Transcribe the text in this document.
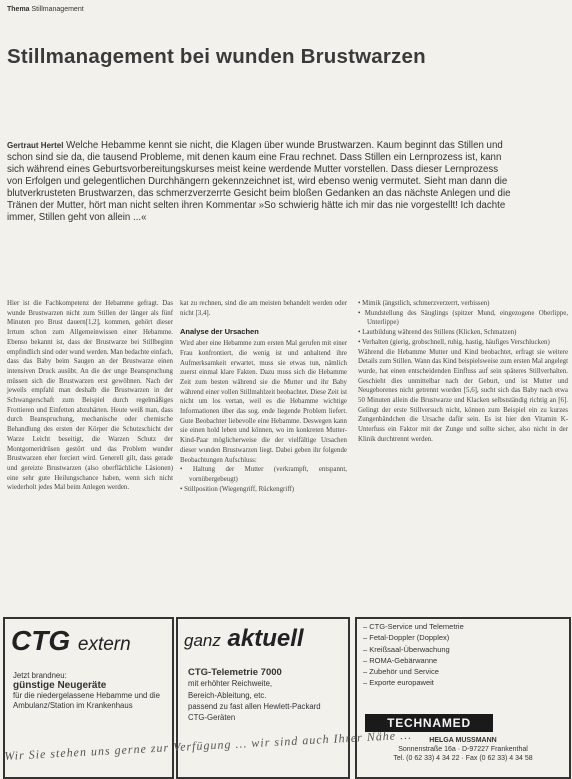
Thema Stillmanagement
Stillmanagement bei wunden Brustwarzen
Gertraut Hertel Welche Hebamme kennt sie nicht, die Klagen über wunde Brustwarzen. Kaum beginnt das Stillen und schon sind sie da, die tausend Probleme, mit denen kaum eine Frau rechnet. Dass Stillen ein Lernprozess ist, kann sich während eines Geburtsvorbereitungskurses meist keine werdende Mutter vorstellen. Dass dieser Lernprozess von Erfolgen und gelegentlichen Durchhängern gekennzeichnet ist, wird ebenso wenig vermutet. Sieht man dann die blutverkrusteten Brustwarzen, das schmerzverzerrte Gesicht beim bloßen Gedanken an das nächste Anlegen und die Tränen der Mutter, hört man nicht selten ihren Kommentar »So schwierig hätte ich mir das nie vorgestellt! Ich dachte immer, Stillen geht von allein ...«

Hier ist die Fachkompetenz der Hebamme gefragt. Das wunde Brustwarzen nicht zum Stillen der länger als fünf Minuten pro Brust dauern[1,2], kommen, gehört dieser Irrtum schon zum Allgemeinwissen einer Hebamme. Ebenso bekannt ist, dass der Brustwarze bei Stillbeginn empfindlich sind oder wund werden. Man bedachte einfach, dass das Baby beim Saugen an der Brustwarze einen intensiven Druck ausübt. An die der unge Beanspruchung müssen sich die Brustwarzen erst gewöhnen. Nach der jeweils empfahl man deshalb die Brustwarzen in der Schwangerschaft zum Beispiel durch regelmäßiges Frottieren und Einfetten abzuhärten. Heute weiß man, dass durch Beanspruchung, mechanische oder chemische Behandlung des ersten der Körper die Schutzschicht der Warze Leicht beseitigt, die Warzen Schutz der Montgomeridrüsen gestört und das Problem wunder Brustwarzen eher forciert wird. Generell gilt, dass gerade und gereizte Brustwarzen (also oberflächliche Läsionen) eine sehr gute Heilungschance haben, wenn sich nicht wiederholt jedes Mal beim Anlegen werden.

kat zu rechnen, sind die am meisten behandelt werden oder nicht [3,4].

Analyse der Ursachen

Wird aber eine Hebamme zum ersten Mal gerufen mit einer Frau konfrontiert, die wenig ist und anhaltend ihre Aufmerksamkeit erwartet, muss sie etwas tun, nämlich zuerst einmal klare Fakten. Dazu muss sich die Hebamme Zeit zum besten während sie die Mutter und ihr Baby während einer vollen Stillmahlzeit beobachtet. Diese Zeit ist nicht um los vertan, weil es die Hebamme wichtige Informationen über das sog. ende liegende Problem liefert. Gute Beobachter liebevolle eine Hebamme. Deswegen kann sie einen hold leben und können, wo im konkreten Mutter-Kind-Paar möglicherweise die der vielfältige Ursachen dieser wunden Brustwarzen liegt. Dabei geben ihr folgende Beobachtungen Aufschluss:

• Haltung der Mutter (verkrampft, entspannt, vornübergebeugt)
• Stillposition (Wiegengriff, Rückengriff)
• Mimik (ängstlich, schmerzverzerrt, verbissen)
• Mundstellung des Säuglings (spitzer Mund, eingezogene Oberlippe, Unterlippe)
• Lautbildung während des Stillens (Klicken, Schmatzen)
• Verhalten (gierig, grobschnell, ruhig, hastig, häufiges Verschlucken)

Während die Hebamme Mutter und Kind beobachtet, erfragt sie weitere Details zum Stillen. Wann das Kind beispielsweise zum ersten Mal angelegt wurde, hat einen entscheidenden Einfluss auf sein späteres Stillverhalten. Geschieht dies unmittelbar nach der Geburt, und ist Mutter und Neugeborenes nicht getrennt worden [5,6], sucht sich das Baby nach etwa 50 Minuten allein die Brustwarze und Klacken selbstständig richtig an [6]. Gelingt der erste Stillversuch nicht, können zum Beispiel ein zu kurzes Zungenbändchen die Ursache dafür sein. Es ist hier den Vitamin K-Unterfuss ein Faktor mit der Zunge und sollte sicher, also nicht in der Klinik durchtrennt werden.

CTG extern
Jetzt brandneu:
günstige Neugeräte
für die niedergelassene Hebamme und die Ambulanz/Station im Krankenhaus
ganz aktuell
CTG-Telemetrie 7000
mit erhöhter Reichweite,
Bereich-Ableitung, etc.
passend zu fast allen Hewlett-Packard
CTG-Geräten
– CTG-Service und Telemetrie
– Fetal-Doppler (Dopplex)
– Kreißsaal-Überwachung
– ROMA-Gebärwanne
– Zubehör und Service
– Exporte europaweit
TECHNAMED
HELGA MUSSMANN
Sonnenstraße 16a · D-97227 Frankenthal
Tel. (0 62 33) 4 34 22 · Fax (0 62 33) 4 34 58
Wir Sie stehen uns gerne zur Verfügung ... wir sind auch Ihrer Nähe ...
